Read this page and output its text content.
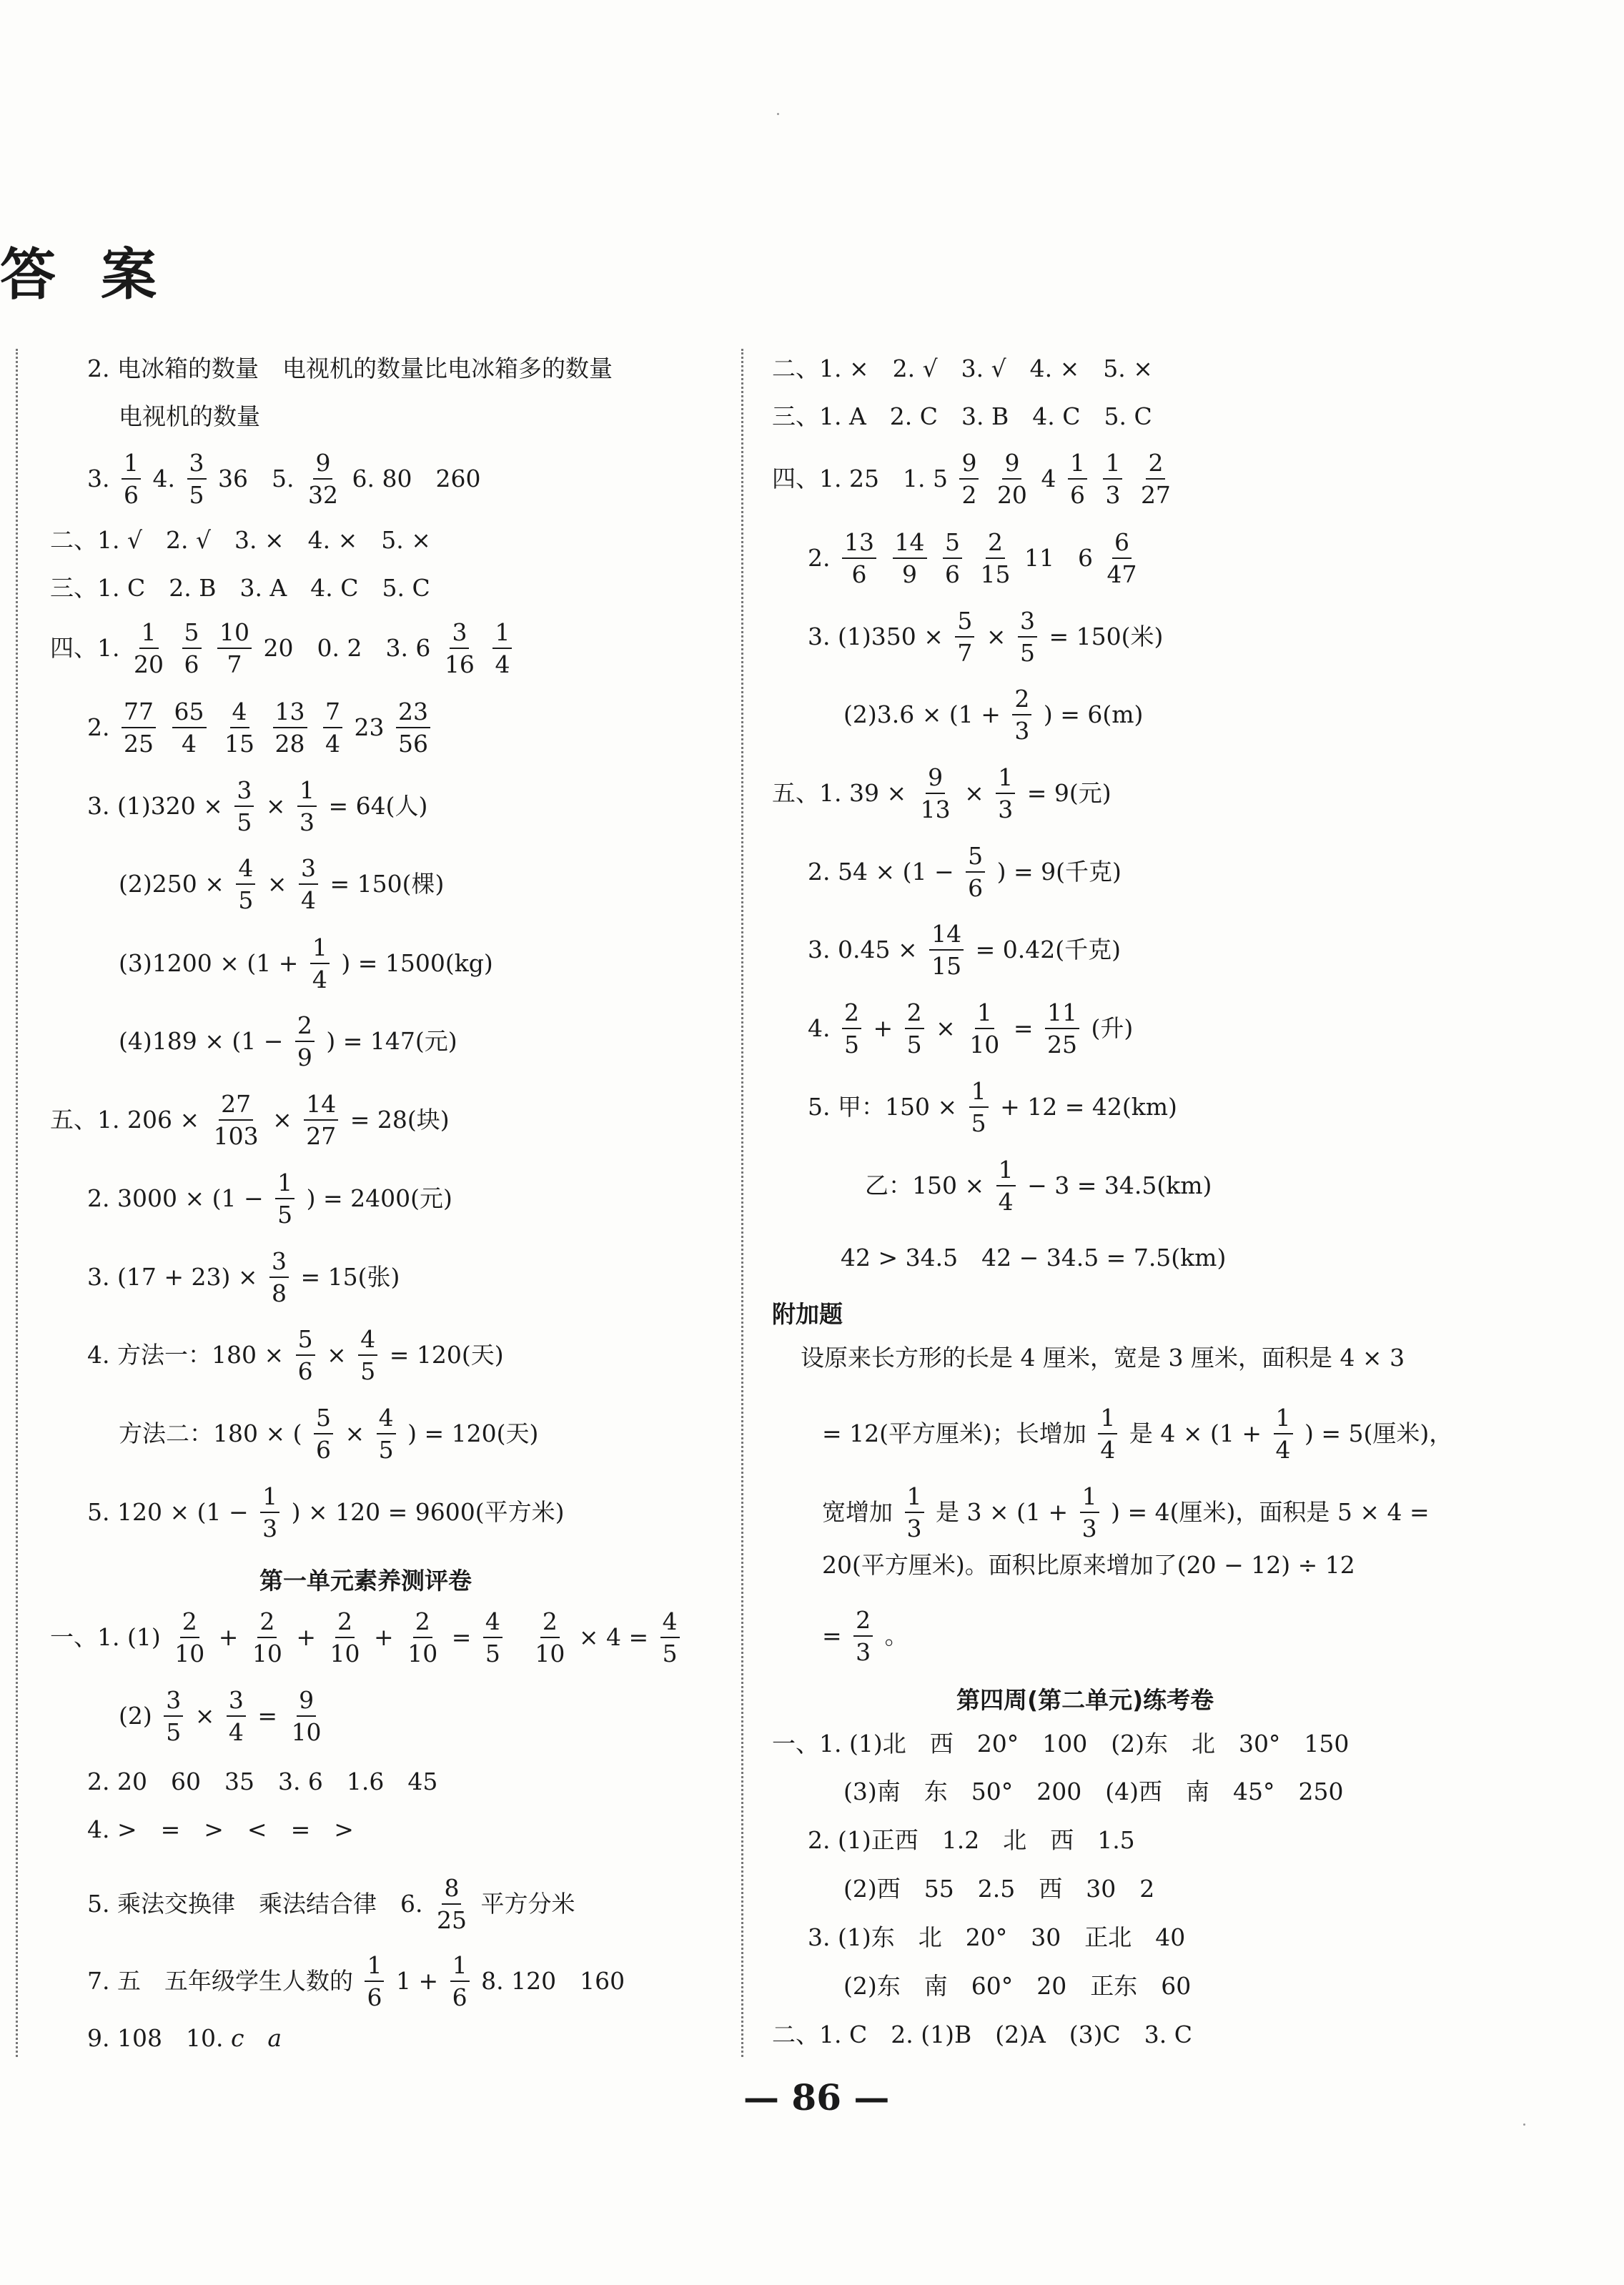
答 案
2. 电冰箱的数量　电视机的数量比电冰箱多的数量
电视机的数量
3. $\frac{1}{6} 4$. $\frac{3}{5} 36$　5. $\frac{9}{32} 6$. 80　260
二、1. √　2. √　3. ×　4. ×　5. ×
三、1. C　2. B　3. A　4. C　5. C
四、1. $\frac{1}{20}$
$\frac{5}{6}$
$\frac{10}{7} 20$　0. 2　3. $6 \frac{3}{16}$
$\frac{1}{4}$
2. $\frac{77}{25}$
$\frac{65}{4}$
$\frac{4}{15}$
$\frac{13}{28}$
$\frac{7}{4} 23 \frac{23}{56}$
3. $(1)320 \times \frac{3}{5} \times \frac{1}{3} = 64$(人)
$(2)250 \times \frac{4}{5} \times \frac{3}{4} = 150$(棵)
$(3)1200 \times (1 + \frac{1}{4}$ ) = 1500(kg)
$(4)189 \times (1 - \frac{2}{9}$ ) = 147(元)
五、1. $206 \times \frac{27}{103} \times \frac{14}{27} = 28$(块)
2. $3000 \times (1 - \frac{1}{5}$ ) = 2400(元)
3. $(17 + 23) \times \frac{3}{8} = 15$(张)
4. 方法一：$180 \times \frac{5}{6} \times \frac{4}{5} = 120$(天)
方法二：180 × ( $\frac{5}{6} \times \frac{4}{5}$ ) = 120(天)
5. $120 \times (1 - \frac{1}{3}$ ) × 120 = 9600(平方米)
第一单元素养测评卷
一、1. $(1) \frac{2}{10} + \frac{2}{10} + \frac{2}{10} + \frac{2}{10} = \frac{4}{5}$
$\frac{2}{10} \times 4 = \frac{4}{5}$
$(2) \frac{3}{5} \times \frac{3}{4} = \frac{9}{10}$
2. 20　60　35　3. 6　1.6　45
4. >　=　>　<　=　>
5. 乘法交换律　乘法结合律　6. $\frac{8}{25}$ 平方分米
7. 五　五年级学生人数的 $\frac{1}{6} 1 + \frac{1}{6} 8$. 120　160
9. 108　10. c　a
二、1. ×　2. √　3. √　4. ×　5. ×
三、1. A　2. C　3. B　4. C　5. C
四、1. 25　1. $5 \frac{9}{2}$
$\frac{9}{20} 4 \frac{1}{6}$
$\frac{1}{3}$
$\frac{2}{27}$
2. $\frac{13}{6}$
$\frac{14}{9}$
$\frac{5}{6}$
$\frac{2}{15} 11$　$6 \frac{6}{47}$
3. $(1)350 \times \frac{5}{7} \times \frac{3}{5} = 150$(米)
$(2)3.6 \times (1 + \frac{2}{3}$ ) = 6(m)
五、1. $39 \times \frac{9}{13} \times \frac{1}{3} = 9$(元)
2. $54 \times (1 - \frac{5}{6}$ ) = 9(千克)
3. $0.45 \times \frac{14}{15} = 0.42$(千克)
4. $\frac{2}{5} + \frac{2}{5} \times \frac{1}{10} = \frac{11}{25}$ (升)
5. 甲：$150 \times \frac{1}{5} + 12 = 42(km)$
乙：$150 \times \frac{1}{4} - 3 = 34.5(km)$
42 > 34.5　42 − 34.5 = 7.5(km)
附加题
设原来长方形的长是 4 厘米，宽是 3 厘米，面积是 4 × 3
= 12(平方厘米)；长增加 $\frac{1}{4}$ 是 $4 \times (1 + \frac{1}{4}$ ) = 5(厘米)，
宽增加 $\frac{1}{3}$ 是 $3 \times (1 + \frac{1}{3}$ ) = 4(厘米)，面积是 5 × 4 =
20(平方厘米)。面积比原来增加了(20 − 12) ÷ 12
= $\frac{2}{3}$ 。
第四周(第二单元)练考卷
一、1. (1)北　西　20°　100　(2)东　北　30°　150
(3)南　东　50°　200　(4)西　南　45°　250
2. (1)正西　1.2　北　西　1.5
(2)西　55　2.5　西　30　2
3. (1)东　北　20°　30　正北　40
(2)东　南　60°　20　正东　60
二、1. C　2. (1)B　(2)A　(3)C　3. C
— 86 —
